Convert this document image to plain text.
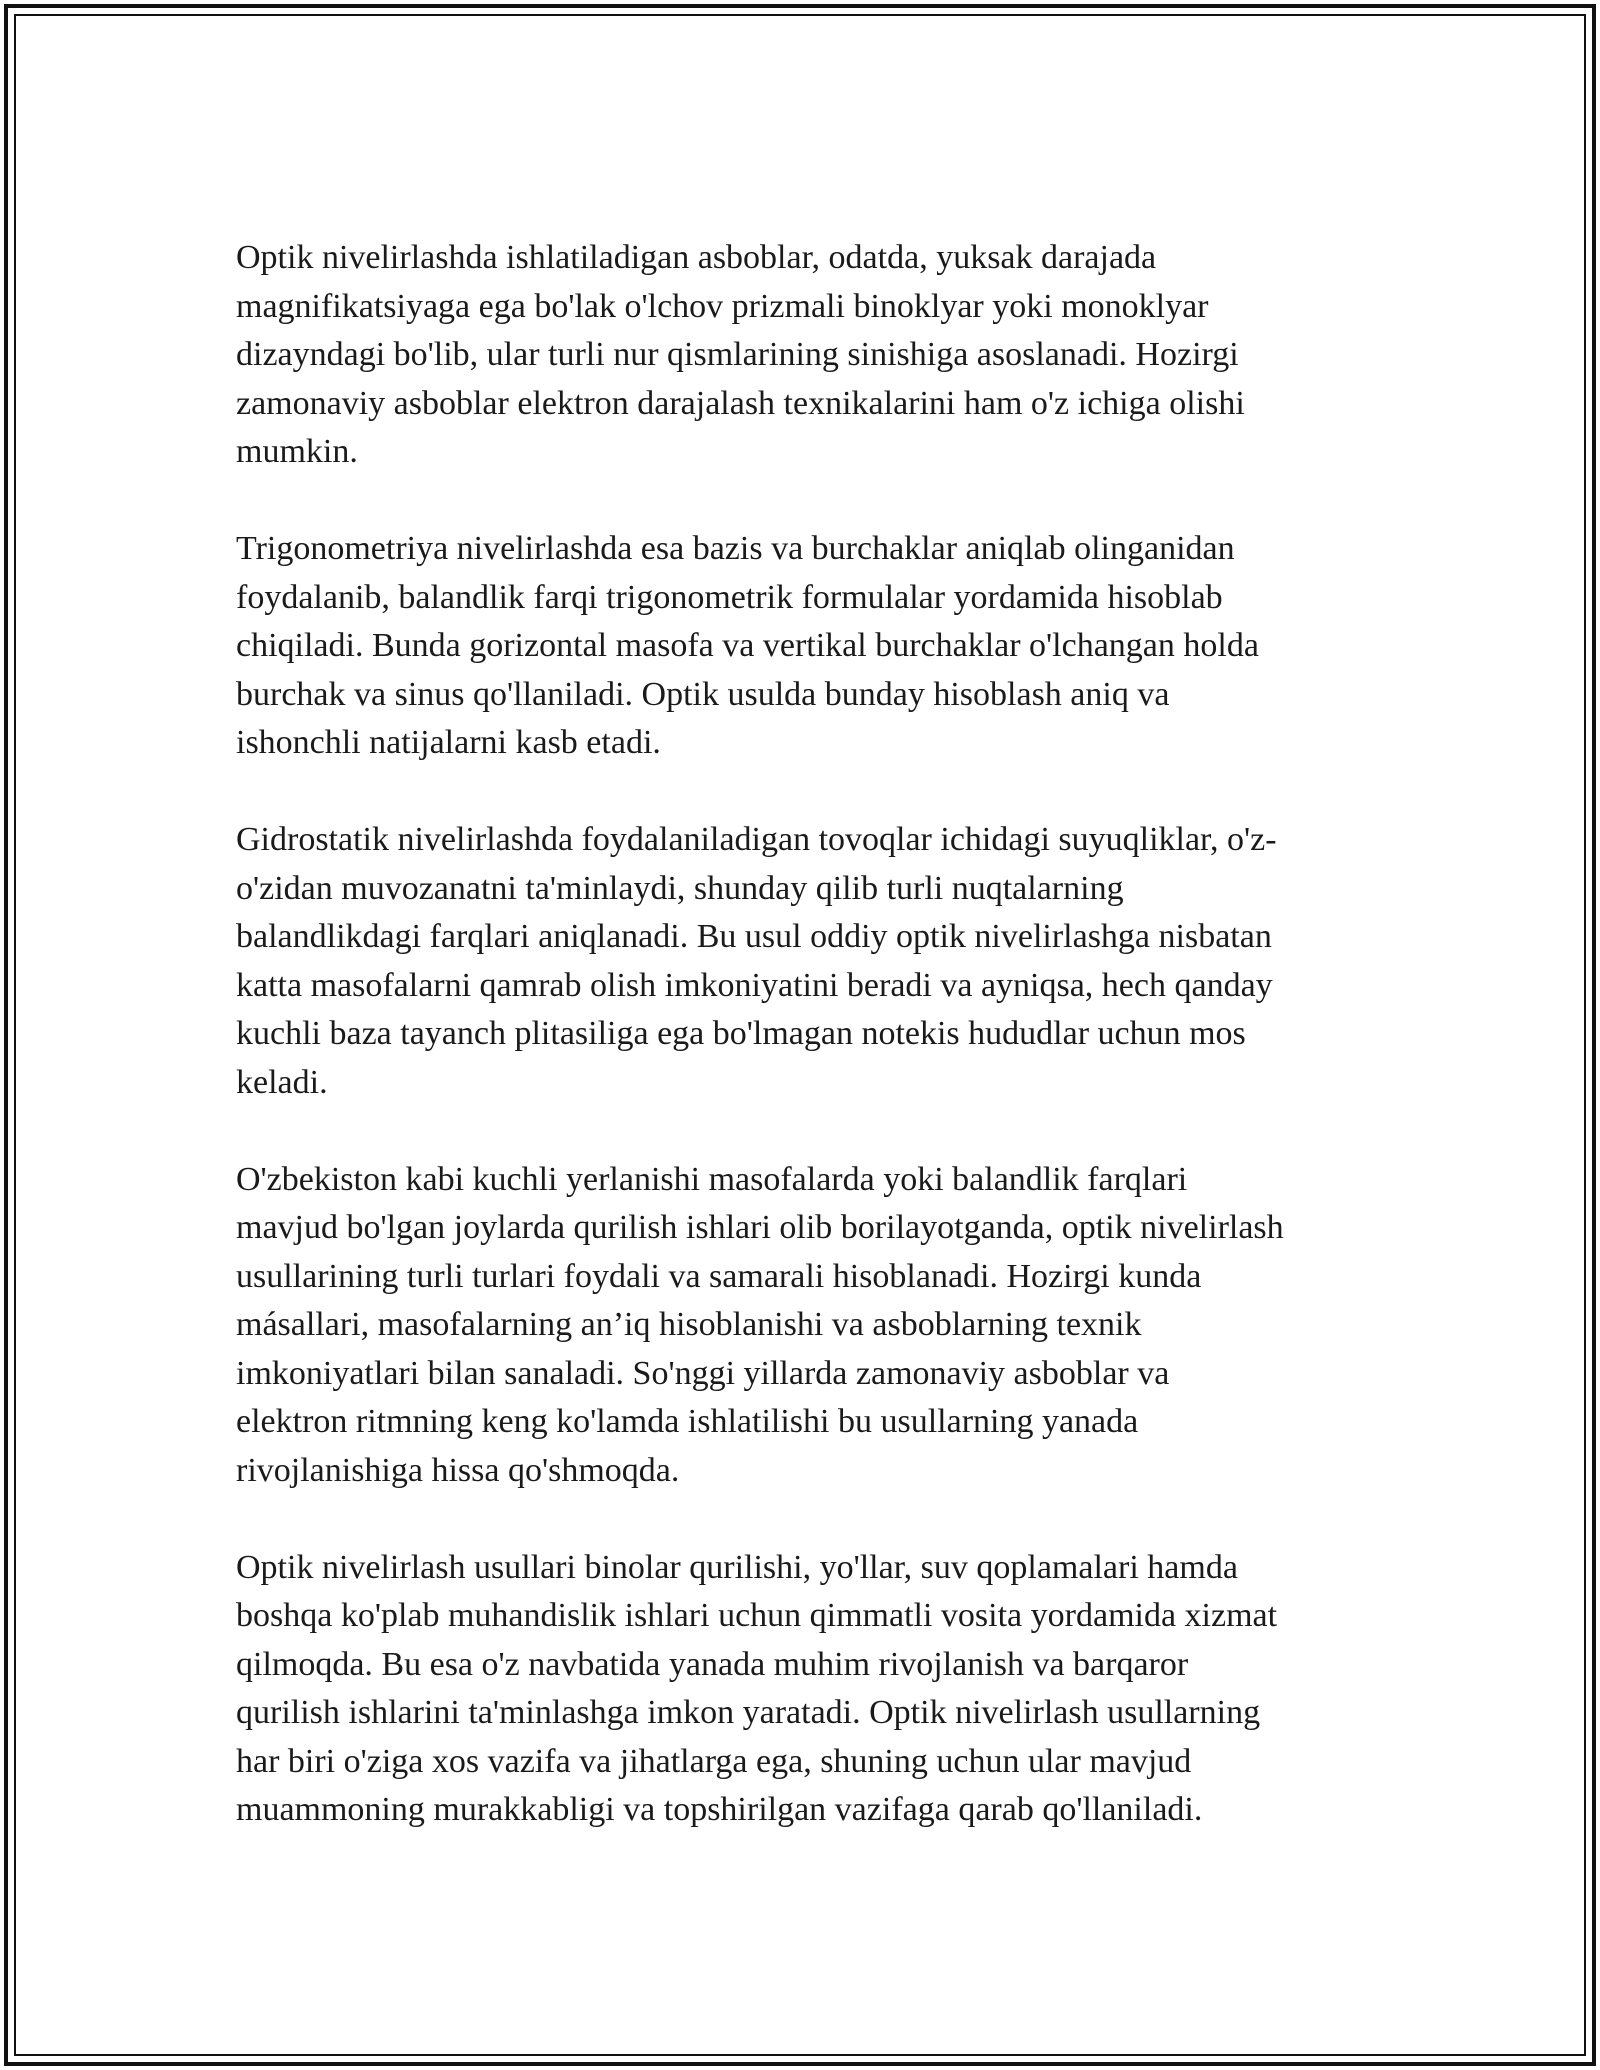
Optik nivelirlashda ishlatiladigan asboblar, odatda, yuksak darajada
magnifikatsiyaga ega bo'lak o'lchov prizmali binoklyar yoki monoklyar
dizayndagi bo'lib, ular turli nur qismlarining sinishiga asoslanadi. Hozirgi
zamonaviy asboblar elektron darajalash texnikalarini ham o'z ichiga olishi
mumkin.

Trigonometriya nivelirlashda esa bazis va burchaklar aniqlab olinganidan
foydalanib, balandlik farqi trigonometrik formulalar yordamida hisoblab
chiqiladi. Bunda gorizontal masofa va vertikal burchaklar o'lchangan holda
burchak va sinus qo'llaniladi. Optik usulda bunday hisoblash aniq va
ishonchli natijalarni kasb etadi.

Gidrostatik nivelirlashda foydalaniladigan tovoqlar ichidagi suyuqliklar, o'z-
o'zidan muvozanatni ta'minlaydi, shunday qilib turli nuqtalarning
balandlikdagi farqlari aniqlanadi. Bu usul oddiy optik nivelirlashga nisbatan
katta masofalarni qamrab olish imkoniyatini beradi va ayniqsa, hech qanday
kuchli baza tayanch plitasiliga ega bo'lmagan notekis hududlar uchun mos
keladi.

O'zbekiston kabi kuchli yerlanishi masofalarda yoki balandlik farqlari
mavjud bo'lgan joylarda qurilish ishlari olib borilayotganda, optik nivelirlash
usullarining turli turlari foydali va samarali hisoblanadi. Hozirgi kunda
másallari, masofalarning an’iq hisoblanishi va asboblarning texnik
imkoniyatlari bilan sanaladi. So'nggi yillarda zamonaviy asboblar va
elektron ritmning keng ko'lamda ishlatilishi bu usullarning yanada
rivojlanishiga hissa qo'shmoqda.

Optik nivelirlash usullari binolar qurilishi, yo'llar, suv qoplamalari hamda
boshqa ko'plab muhandislik ishlari uchun qimmatli vosita yordamida xizmat
qilmoqda. Bu esa o'z navbatida yanada muhim rivojlanish va barqaror
qurilish ishlarini ta'minlashga imkon yaratadi. Optik nivelirlash usullarning
har biri o'ziga xos vazifa va jihatlarga ega, shuning uchun ular mavjud
muammoning murakkabligi va topshirilgan vazifaga qarab qo'llaniladi.
